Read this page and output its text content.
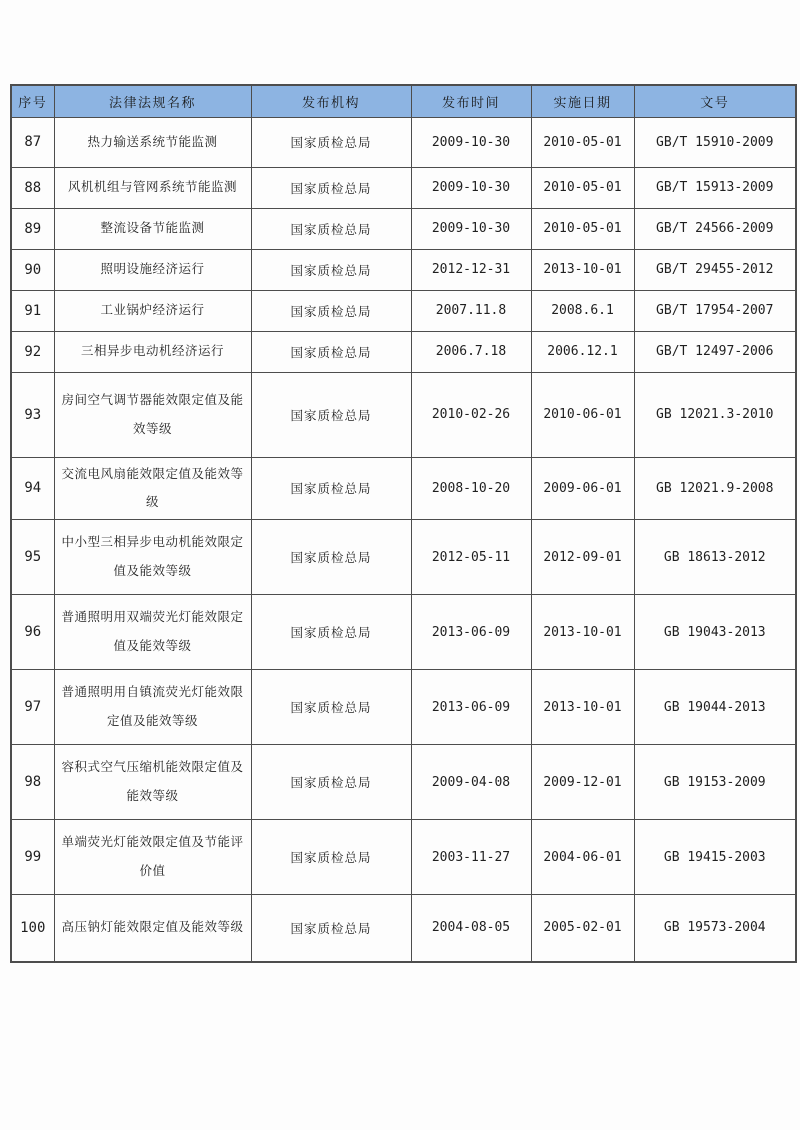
序号	法律法规名称	发布机构	发布时间	实施日期	文号
87	热力输送系统节能监测	国家质检总局	2009-10-30	2010-05-01	GB/T 15910-2009
88	风机机组与管网系统节能监测	国家质检总局	2009-10-30	2010-05-01	GB/T 15913-2009
89	整流设备节能监测	国家质检总局	2009-10-30	2010-05-01	GB/T 24566-2009
90	照明设施经济运行	国家质检总局	2012-12-31	2013-10-01	GB/T 29455-2012
91	工业锅炉经济运行	国家质检总局	2007.11.8	2008.6.1	GB/T 17954-2007
92	三相异步电动机经济运行	国家质检总局	2006.7.18	2006.12.1	GB/T 12497-2006
93	房间空气调节器能效限定值及能效等级	国家质检总局	2010-02-26	2010-06-01	GB 12021.3-2010
94	交流电风扇能效限定值及能效等级	国家质检总局	2008-10-20	2009-06-01	GB 12021.9-2008
95	中小型三相异步电动机能效限定值及能效等级	国家质检总局	2012-05-11	2012-09-01	GB 18613-2012
96	普通照明用双端荧光灯能效限定值及能效等级	国家质检总局	2013-06-09	2013-10-01	GB 19043-2013
97	普通照明用自镇流荧光灯能效限定值及能效等级	国家质检总局	2013-06-09	2013-10-01	GB 19044-2013
98	容积式空气压缩机能效限定值及能效等级	国家质检总局	2009-04-08	2009-12-01	GB 19153-2009
99	单端荧光灯能效限定值及节能评价值	国家质检总局	2003-11-27	2004-06-01	GB 19415-2003
100	高压钠灯能效限定值及能效等级	国家质检总局	2004-08-05	2005-02-01	GB 19573-2004
